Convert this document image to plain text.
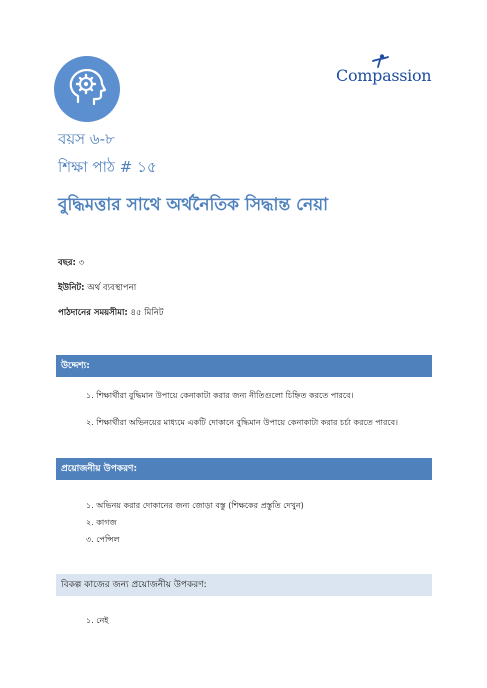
Compassion
বয়স ৬-৮
শিক্ষা পাঠ # ১৫
বুদ্ধিমত্তার সাথে অর্থনৈতিক সিদ্ধান্ত নেয়া
বছর: ৩
ইউনিট: অর্থ ব্যবস্থাপনা
পাঠদানের সময়সীমা: ৪৫ মিনিট
উদ্দেশ্য:
১. শিক্ষার্থীরা বুদ্ধিমান উপায়ে কেনাকাটা করার জন্য নীতিগুলো চিহ্নিত করতে পারবে।
২. শিক্ষার্থীরা অভিনয়ের মাধ্যমে একটি দোকানে বুদ্ধিমান উপায়ে কেনাকাটা করার চর্চা করতে পারবে।
প্রয়োজনীয় উপকরণ:
১. অভিনয় করার দোকানের জন্য জোড়া বস্তু (শিক্ষকের প্রস্তুতি দেখুন)
২. কাগজ
৩. পেন্সিল
বিকল্প কাজের জন্য প্রয়োজনীয় উপকরণ:
১. নেই
